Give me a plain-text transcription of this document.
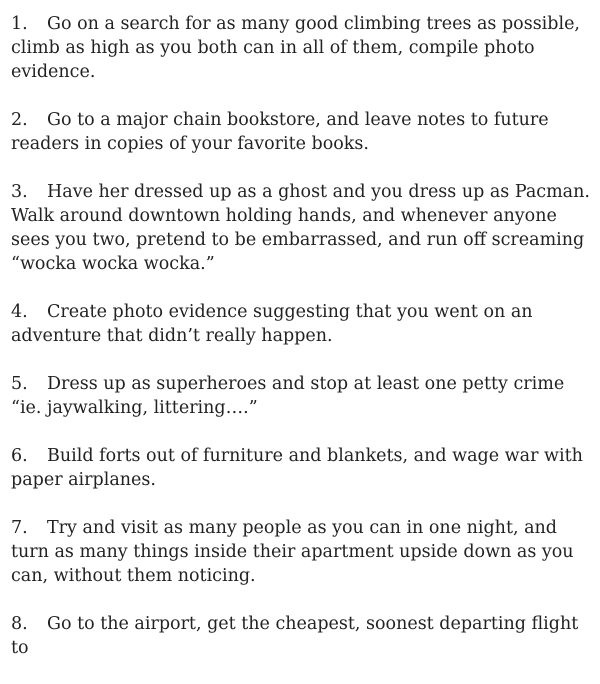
1. Go on a search for as many good climbing trees as possible, climb as high as you both can in all of them, compile photo evidence.

2. Go to a major chain bookstore, and leave notes to future readers in copies of your favorite books.

3. Have her dressed up as a ghost and you dress up as Pacman. Walk around downtown holding hands, and whenever anyone sees you two, pretend to be embarrassed, and run off screaming “wocka wocka wocka.”

4. Create photo evidence suggesting that you went on an adventure that didn’t really happen.

5. Dress up as superheroes and stop at least one petty crime “ie. jaywalking, littering….”

6. Build forts out of furniture and blankets, and wage war with paper airplanes.

7. Try and visit as many people as you can in one night, and turn as many things inside their apartment upside down as you can, without them noticing.

8. Go to the airport, get the cheapest, soonest departing flight to
